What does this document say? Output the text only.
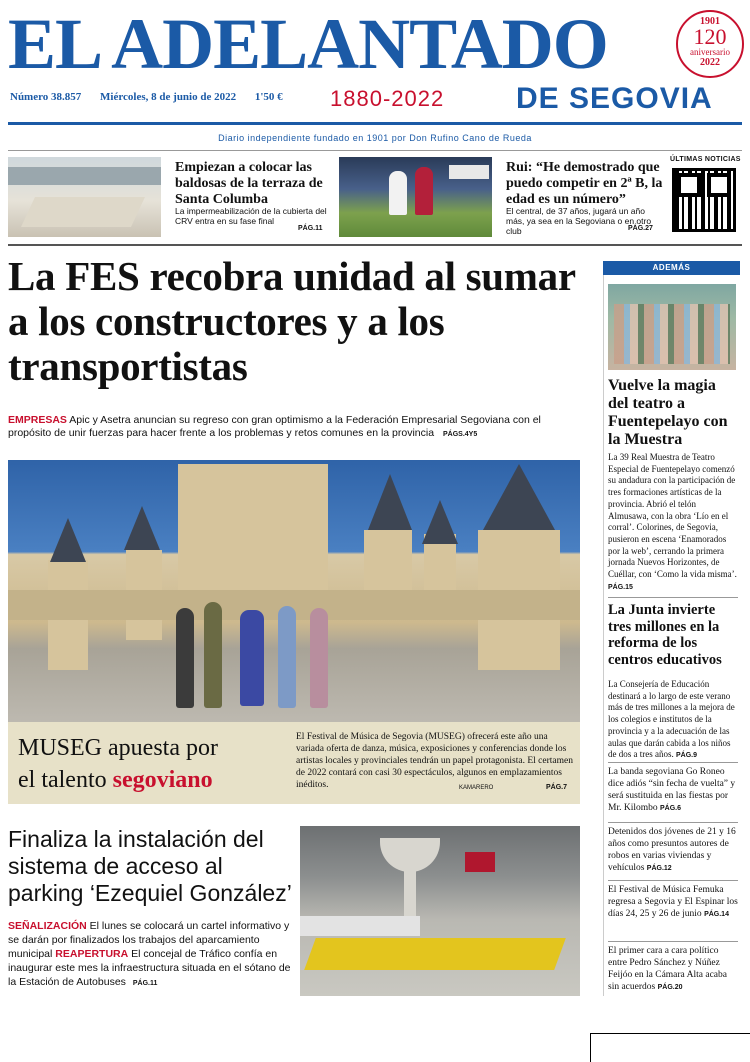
EL ADELANTADO	1901
120
aniversario
2022
Número 38.857 Miércoles, 8 de junio de 2022 1'50 €	1880-2022 DE SEGOVIA
Diario independiente fundado en 1901 por Don Rufino Cano de Rueda
Empiezan a colocar las baldosas de la terraza de Santa Columba
La impermeabilización de la cubierta del CRV entra en su fase final
PÁG.11
Rui: “He demostrado que puedo competir en 2ª B, la edad es un número”
El central, de 37 años, jugará un año más, ya sea en la Segoviana o en otro club	PÁG.27
ÚLTIMAS NOTICIAS
La FES recobra unidad al sumar a los constructores y a los transportistas
EMPRESAS Apic y Asetra anuncian su regreso con gran optimismo a la Federación Empresarial Segoviana con el propósito de unir fuerzas para hacer frente a los problemas y retos comunes en la provincia PÁGS.4Y5
MUSEG apuesta por
el talento segoviano
El Festival de Música de Segovia (MUSEG) ofrecerá este año una variada oferta de danza, música, exposiciones y conferencias donde los artistas locales y provinciales tendrán un papel protagonista. El certamen de 2022 contará con casi 30 espectáculos, algunos en emplazamientos inéditos.	KAMARERO	PÁG.7
Finaliza la instalación del sistema de acceso al parking ‘Ezequiel González’
SEÑALIZACIÓN El lunes se colocará un cartel informativo y se darán por finalizados los trabajos del aparcamiento municipal REAPERTURA El concejal de Tráfico confía en inaugurar este mes la infraestructura situada en el sótano de la Estación de Autobuses PÁG.11
ADEMÁS
Vuelve la magia del teatro a Fuentepelayo con la Muestra
La 39 Real Muestra de Teatro Especial de Fuentepelayo comenzó su andadura con la participación de tres formaciones artísticas de la provincia. Abrió el telón Almusawa, con la obra ‘Lío en el corral’. Colorines, de Segovia, pusieron en escena ‘Enamorados por la web’, cerrando la primera jornada Nuevos Horizontes, de Cuéllar, con ‘Como la vida misma’. PÁG.15
La Junta invierte tres millones en la reforma de los centros educativos
La Consejería de Educación destinará a lo largo de este verano más de tres millones a la mejora de los colegios e institutos de la provincia y a la adecuación de las aulas que darán cabida a los niños de dos a tres años. PÁG.9
La banda segoviana Go Roneo dice adiós “sin fecha de vuelta” y será sustituida en las fiestas por Mr. Kilombo PÁG.6
Detenidos dos jóvenes de 21 y 16 años como presuntos autores de robos en varias viviendas y vehículos PÁG.12
El Festival de Música Femuka regresa a Segovia y El Espinar los días 24, 25 y 26 de junio PÁG.14
El primer cara a cara político entre Pedro Sánchez y Núñez Feijóo en la Cámara Alta acaba sin acuerdos PÁG.20
